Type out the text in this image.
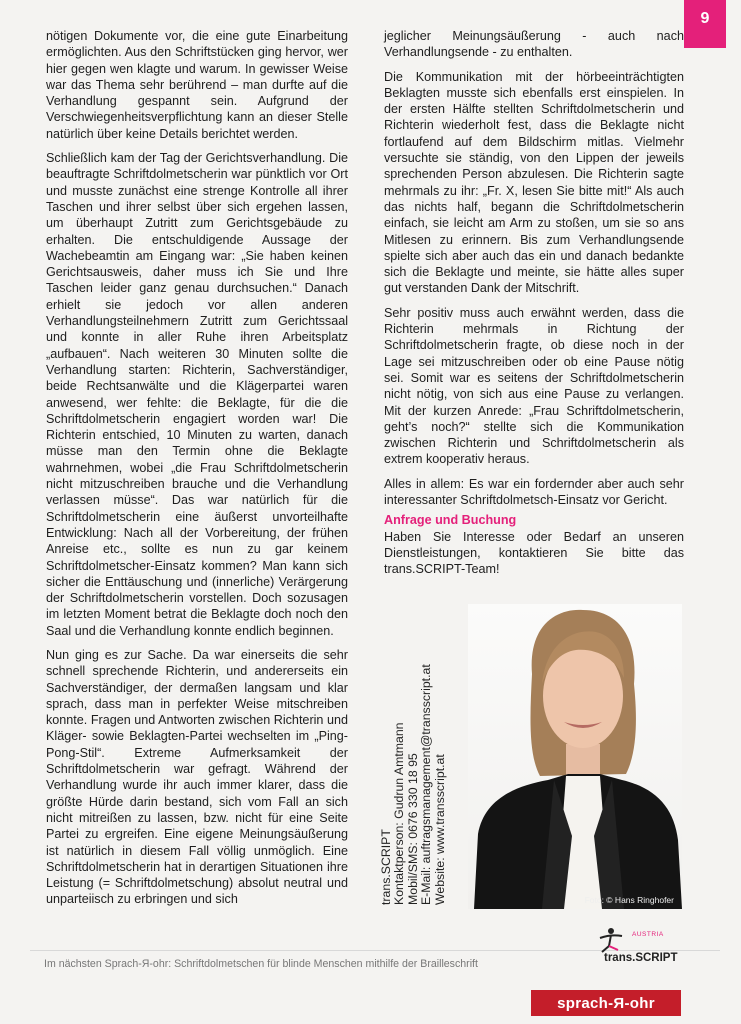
9

nötigen Dokumente vor, die eine gute Einarbeitung ermöglichten. Aus den Schriftstücken ging hervor, wer hier gegen wen klagte und warum. In gewisser Weise war das Thema sehr berührend – man durfte auf die Verhandlung gespannt sein. Aufgrund der Verschwiegenheitsverpflichtung kann an dieser Stelle natürlich über keine Details berichtet werden.

Schließlich kam der Tag der Gerichtsverhandlung. Die beauftragte Schriftdolmetscherin war pünktlich vor Ort und musste zunächst eine strenge Kontrolle all ihrer Taschen und ihrer selbst über sich ergehen lassen, um überhaupt Zutritt zum Gerichtsgebäude zu erhalten. Die entschuldigende Aussage der Wachebeamtin am Eingang war: „Sie haben keinen Gerichtsausweis, daher muss ich Sie und Ihre Taschen leider ganz genau durchsuchen.“ Danach erhielt sie jedoch vor allen anderen Verhandlungsteilnehmern Zutritt zum Gerichtssaal und konnte in aller Ruhe ihren Arbeitsplatz „aufbauen“. Nach weiteren 30 Minuten sollte die Verhandlung starten: Richterin, Sachverständiger, beide Rechtsanwälte und die Klägerpartei waren anwesend, wer fehlte: die Beklagte, für die die Schriftdolmetscherin engagiert worden war! Die Richterin entschied, 10 Minuten zu warten, danach müsse man den Termin ohne die Beklagte wahrnehmen, wobei „die Frau Schriftdolmetscherin nicht mitzuschreiben brauche und die Verhandlung verlassen müsse“. Das war natürlich für die Schriftdolmetscherin eine äußerst unvorteilhafte Entwicklung: Nach all der Vorbereitung, der frühen Anreise etc., sollte es nun zu gar keinem Schriftdolmetscher-Einsatz kommen? Man kann sich sicher die Enttäuschung und (innerliche) Verärgerung der Schriftdolmetscherin vorstellen. Doch sozusagen im letzten Moment betrat die Beklagte doch noch den Saal und die Verhandlung konnte endlich beginnen.

Nun ging es zur Sache. Da war einerseits die sehr schnell sprechende Richterin, und andererseits ein Sachverständiger, der dermaßen langsam und klar sprach, dass man in perfekter Weise mitschreiben konnte. Fragen und Antworten zwischen Richterin und Kläger- sowie Beklagten-Partei wechselten im „Ping-Pong-Stil“. Extreme Aufmerksamkeit der Schriftdolmetscherin war gefragt. Während der Verhandlung wurde ihr auch immer klarer, dass die größte Hürde darin bestand, sich vom Fall an sich nicht mitreißen zu lassen, bzw. nicht für eine Seite Partei zu ergreifen. Eine eigene Meinungsäußerung ist natürlich in diesem Fall völlig unmöglich. Eine Schriftdolmetscherin hat in derartigen Situationen ihre Leistung (= Schriftdolmetschung) absolut neutral und unparteiisch zu erbringen und sich

jeglicher Meinungsäußerung - auch nach Verhandlungsende - zu enthalten.

Die Kommunikation mit der hörbeeinträchtigten Beklagten musste sich ebenfalls erst einspielen. In der ersten Hälfte stellten Schriftdolmetscherin und Richterin wiederholt fest, dass die Beklagte nicht fortlaufend auf dem Bildschirm mitlas. Vielmehr versuchte sie ständig, von den Lippen der jeweils sprechenden Person abzulesen. Die Richterin sagte mehrmals zu ihr: „Fr. X, lesen Sie bitte mit!“ Als auch das nichts half, begann die Schriftdolmetscherin einfach, sie leicht am Arm zu stoßen, um sie so ans Mitlesen zu erinnern. Bis zum Verhandlungsende spielte sich aber auch das ein und danach bedankte sich die Beklagte und meinte, sie hätte alles super gut verstanden Dank der Mitschrift.

Sehr positiv muss auch erwähnt werden, dass die Richterin mehrmals in Richtung der Schriftdolmetscherin fragte, ob diese noch in der Lage sei mitzuschreiben oder ob eine Pause nötig sei. Somit war es seitens der Schriftdolmetscherin nicht nötig, von sich aus eine Pause zu verlangen. Mit der kurzen Anrede: „Frau Schriftdolmetscherin, geht’s noch?“ stellte sich die Kommunikation zwischen Richterin und Schriftdolmetscherin als extrem kooperativ heraus.

Alles in allem: Es war ein fordernder aber auch sehr interessanter Schriftdolmetsch-Einsatz vor Gericht.

Anfrage und Buchung

Haben Sie Interesse oder Bedarf an unseren Dienstleistungen, kontaktieren Sie bitte das trans.SCRIPT-Team!

Foto: © Hans Ringhofer
trans.SCRIPT Kontaktperson: Gudrun Amtmann Mobil/SMS: 0676 330 18 95 E-Mail: auftragsmanagement@transscript.at Website: www.transscript.at
Im nächsten Sprach-Я-ohr: Schriftdolmetschen für blinde Menschen mithilfe der Brailleschrift
AUSTRIA
trans.SCRIPT
sprach-Я-ohr
